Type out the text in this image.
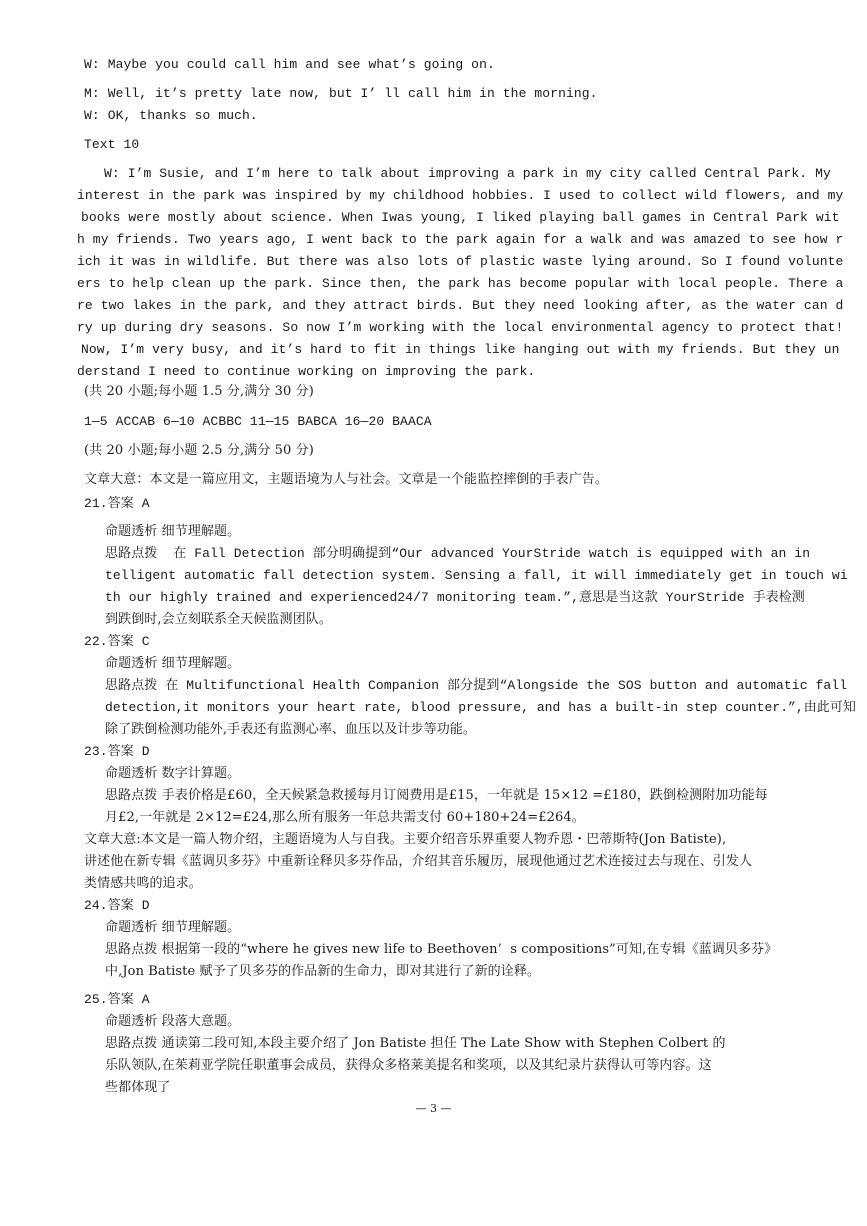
W: Maybe you could call him and see what’s going on.
M: Well, it’s pretty late now, but I’ ll call him in the morning.
W: OK, thanks so much.
Text 10
W: I’m Susie, and I’m here to talk about improving a park in my city called Central Park. My
interest in the park was inspired by my childhood hobbies. I used to collect wild flowers, and my
books were mostly about science. When Iwas young, I liked playing ball games in Central Park wit
h my friends. Two years ago, I went back to the park again for a walk and was amazed to see how r
ich it was in wildlife. But there was also lots of plastic waste lying around. So I found volunte
ers to help clean up the park. Since then, the park has become popular with local people. There a
re two lakes in the park, and they attract birds. But they need looking after, as the water can d
ry up during dry seasons. So now I’m working with the local environmental agency to protect that!
Now, I’m very busy, and it’s hard to fit in things like hanging out with my friends. But they un
derstand I need to continue working on improving the park.
(共 20 小题;每小题 1.5 分,满分 30 分)
1—5 ACCAB 6—10 ACBBC 11—15 BABCA 16—20 BAACA
(共 20 小题;每小题 2.5 分,满分 50 分)
文章大意：本文是一篇应用文，主题语境为人与社会。文章是一个能监控摔倒的手表广告。
21.答案 A
命题透析 细节理解题。
思路点拨  在 Fall Detection 部分明确提到“Our advanced YourStride watch is equipped with an in
telligent automatic fall detection system. Sensing a fall, it will immediately get in touch wi
th our highly trained and experienced24/7 monitoring team.”,意思是当这款 YourStride 手表检测
到跌倒时,会立刻联系全天候监测团队。
22.答案 C
命题透析 细节理解题。
思路点拨 在 Multifunctional Health Companion 部分提到“Alongside the SOS button and automatic fall
detection,it monitors your heart rate, blood pressure, and has a built-in step counter.”,由此可知
除了跌倒检测功能外,手表还有监测心率、血压以及计步等功能。
23.答案 D
命题透析 数字计算题。
思路点拨 手表价格是£60，全天候紧急救援每月订阅费用是£15，一年就是 15×12 =£180，跌倒检测附加功能每
月£2,一年就是 2×12=£24,那么所有服务一年总共需支付 60+180+24=£264。
文章大意:本文是一篇人物介绍，主题语境为人与自我。主要介绍音乐界重要人物乔恩・巴蒂斯特(Jon Batiste),
讲述他在新专辑《蓝调贝多芬》中重新诠释贝多芬作品，介绍其音乐履历，展现他通过艺术连接过去与现在、引发人
类情感共鸣的追求。
24.答案 D
命题透析 细节理解题。
思路点拨 根据第一段的“where he gives new life to Beethoven’  s compositions”可知,在专辑《蓝调贝多芬》
中,Jon Batiste 赋予了贝多芬的作品新的生命力，即对其进行了新的诠释。
25.答案 A
命题透析 段落大意题。
思路点拨 通读第二段可知,本段主要介绍了 Jon Batiste 担任 The Late Show with Stephen Colbert 的
乐队领队,在茱莉亚学院任职董事会成员，获得众多格莱美提名和奖项，以及其纪录片获得认可等内容。这
些都体现了
— 3 —
